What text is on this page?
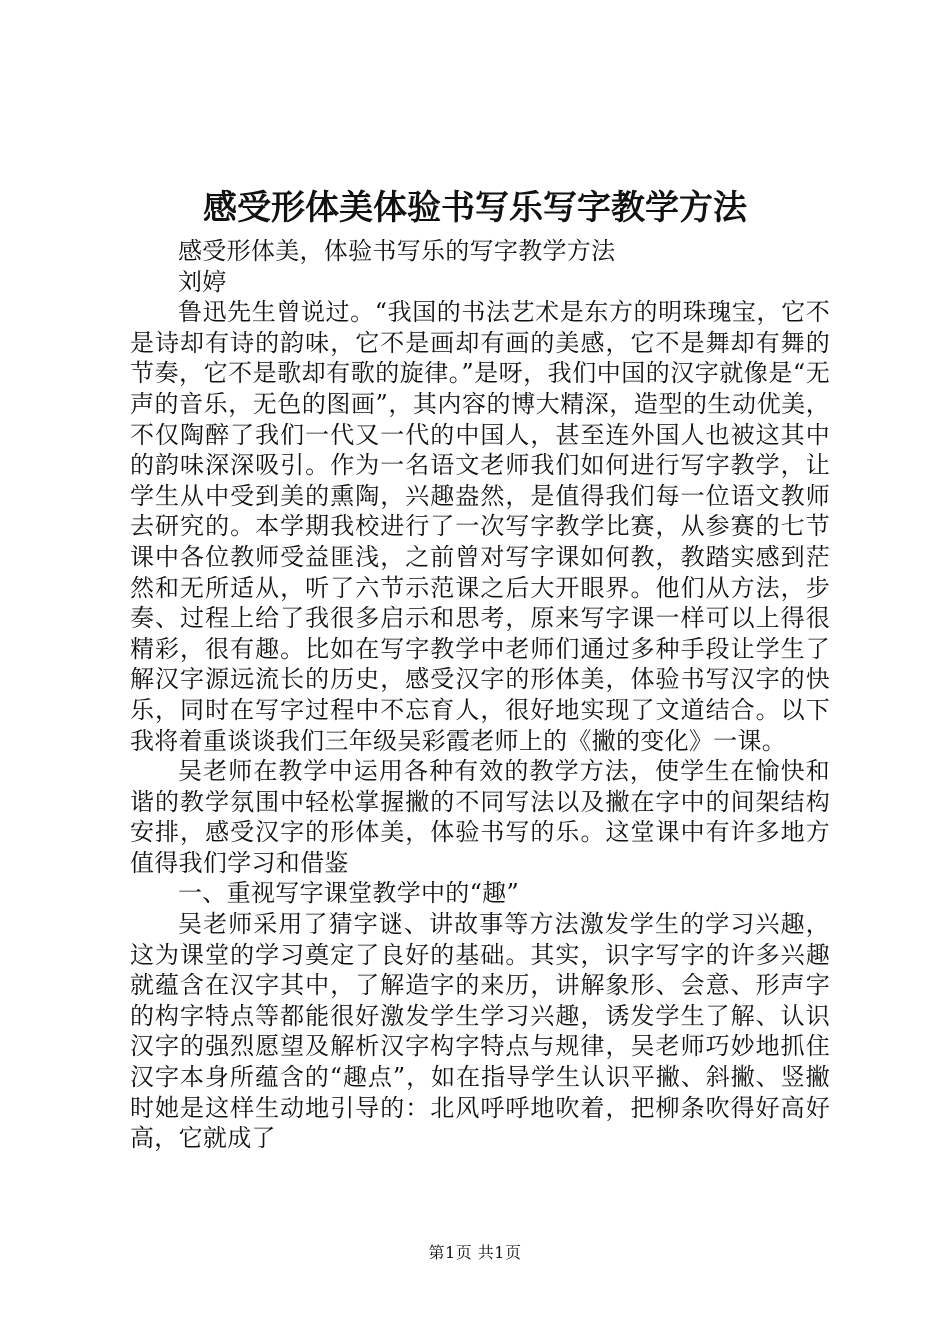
感受形体美体验书写乐写字教学方法

感受形体美，体验书写乐的写字教学方法

刘婷

鲁迅先生曾说过。“我国的书法艺术是东方的明珠瑰宝，它不是诗却有诗的韵味，它不是画却有画的美感，它不是舞却有舞的节奏，它不是歌却有歌的旋律。”是呀，我们中国的汉字就像是“无声的音乐，无色的图画”，其内容的博大精深，造型的生动优美，不仅陶醉了我们一代又一代的中国人，甚至连外国人也被这其中的韵味深深吸引。作为一名语文老师我们如何进行写字教学，让学生从中受到美的熏陶，兴趣盎然，是值得我们每一位语文教师去研究的。本学期我校进行了一次写字教学比赛，从参赛的七节课中各位教师受益匪浅，之前曾对写字课如何教，教踏实感到茫然和无所适从，听了六节示范课之后大开眼界。他们从方法，步奏、过程上给了我很多启示和思考，原来写字课一样可以上得很精彩，很有趣。比如在写字教学中老师们通过多种手段让学生了解汉字源远流长的历史，感受汉字的形体美，体验书写汉字的快乐，同时在写字过程中不忘育人，很好地实现了文道结合。以下我将着重谈谈我们三年级吴彩霞老师上的《撇的变化》一课。

吴老师在教学中运用各种有效的教学方法，使学生在愉快和谐的教学氛围中轻松掌握撇的不同写法以及撇在字中的间架结构安排，感受汉字的形体美，体验书写的乐。这堂课中有许多地方值得我们学习和借鉴

一、重视写字课堂教学中的“趣”

吴老师采用了猜字谜、讲故事等方法激发学生的学习兴趣，这为课堂的学习奠定了良好的基础。其实，识字写字的许多兴趣就蕴含在汉字其中，了解造字的来历，讲解象形、会意、形声字的构字特点等都能很好激发学生学习兴趣，诱发学生了解、认识汉字的强烈愿望及解析汉字构字特点与规律，吴老师巧妙地抓住汉字本身所蕴含的“趣点”，如在指导学生认识平撇、斜撇、竖撇时她是这样生动地引导的：北风呼呼地吹着，把柳条吹得好高好高，它就成了

第1页 共1页
